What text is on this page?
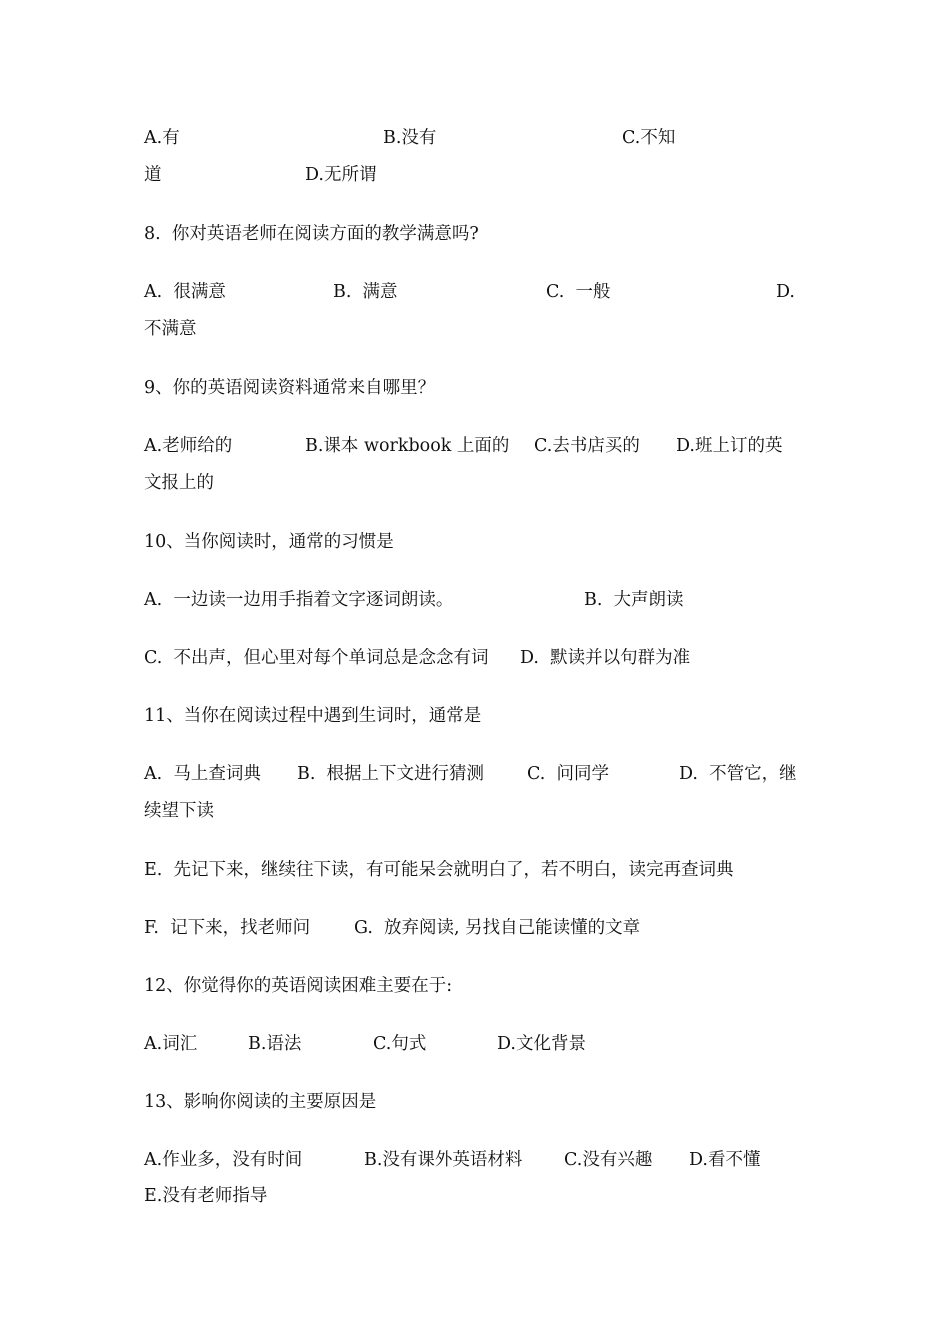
A.有

	B.没有

	C.不知

道

	D.无所谓

8.  你对英语老师在阅读方面的教学满意吗?

A.  很满意

	B.  满意

	C.  一般

	D.

不满意

9、你的英语阅读资料通常来自哪里？

A.老师给的

	B.课本 workbook 上面的

C.去书店买的

D.班上订的英

文报上的

10、当你阅读时，通常的习惯是

A.  一边读一边用手指着文字逐词朗读。

	B.  大声朗读

C.  不出声，但心里对每个单词总是念念有词

D.  默读并以句群为准

11、当你在阅读过程中遇到生词时，通常是

A.  马上查词典

B.  根据上下文进行猜测

C.  问同学

	D.  不管它，继

续望下读

E.  先记下来，继续往下读，有可能呆会就明白了，若不明白，读完再查词典

F.  记下来，找老师问

	G.  放弃阅读, 另找自己能读懂的文章

12、你觉得你的英语阅读困难主要在于:

A.词汇

	B.语法

	C.句式

	D.文化背景

13、影响你阅读的主要原因是

A.作业多，没有时间

	B.没有课外英语材料

C.没有兴趣

D.看不懂

E.没有老师指导
